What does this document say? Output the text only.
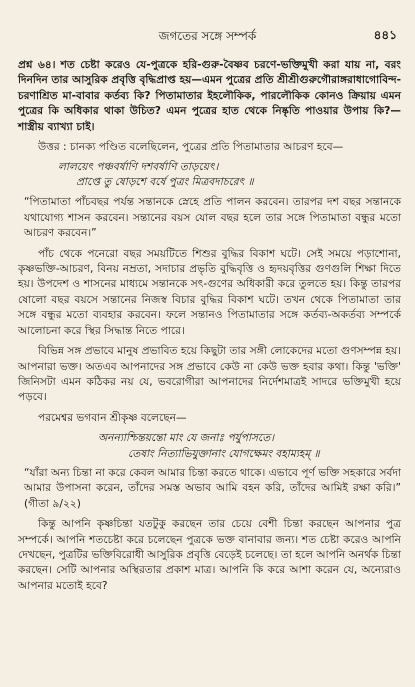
জগতের সঙ্গে সম্পর্ক	৪৪১

প্রশ্ন ৬৪। শত চেষ্টা করেও যে-পুত্রকে হরি-গুরু-বৈষ্ণব চরণে-ভক্তিমুখী করা যায় না, বরং দিনদিন তার আসুরিক প্রবৃত্তি বৃদ্ধিপ্রাপ্ত হয়—এমন পুত্রের প্রতি শ্রীশ্রীগুরুগৌরাঙ্গরাধাগোবিন্দ-চরণাশ্রিত মা-বাবার কর্তব্য কি? পিতামাতার ইহলৌকিক, পারলৌকিক কোনও ক্রিয়ায় এমন পুত্রের কি অধিকার থাকা উচিত? এমন পুত্রের হাত থেকে নিষ্কৃতি পাওয়ার উপায় কি?—শাস্ত্রীয় ব্যাখ্যা চাই।

উত্তর : চানক্য পণ্ডিত বলেছিলেন, পুত্রের প্রতি পিতামাতার আচরণ হবে—

লালয়েৎ পঞ্চবর্ষাণি দশবর্ষাণি তাড়য়েৎ।
প্রাপ্তে তু ষোড়শে বর্ষে পুত্রং মিত্রবদাচরেৎ ॥

“পিতামাতা পাঁচবছর পর্যন্ত সন্তানকে স্নেহে প্রতি পালন করবেন। তারপর দশ বছর সন্তানকে যথাযোগ্য শাসন করবেন। সন্তানের বয়স যোল বছর হলে তার সঙ্গে পিতামাতা বন্ধুর মতো আচরণ করবেন।”

পাঁচ থেকে পনেরো বছর সময়টিতে শিশুর বুদ্ধির বিকাশ ঘটে। সেই সময়ে পড়াশোনা, কৃষ্ণভক্তি-আচরণ, বিনয় নম্রতা, সদাচার প্রভৃতি বুদ্ধিবৃত্তি ও হৃদয়বৃত্তির গুণগুলি শিক্ষা দিতে হয়। উপদেশ ও শাসনের মাধ্যমে সন্তানকে সৎ-গুণের অধিকারী করে তুলতে হয়। কিন্তু তারপর ষোলো বছর বয়সে সন্তানের নিজস্ব বিচার বুদ্ধির বিকাশ ঘটে। তখন থেকে পিতামাতা তার সঙ্গে বন্ধুর মতো ব্যবহার করবেন। ফলে সন্তানও পিতামাতার সঙ্গে কর্তব্য-অকর্তব্য সম্পর্কে আলোচনা করে স্থির সিদ্ধান্ত নিতে পারে।

বিভিন্ন সঙ্গ প্রভাবে মানুষ প্রভাবিত হয়ে কিছুটা তার সঙ্গী লোকেদের মতো গুণসম্পন্ন হয়। আপনারা ভক্ত। অতএব আপনাদের সঙ্গ প্রভাবে কেউ না কেউ ভক্ত হবার কথা। কিন্তু 'ভক্তি' জিনিসটা এমন কঠিকর নয় যে, ভবরোগীরা আপনাদের নির্দেশমাত্রই সাদরে ভক্তিমুখী হয়ে পড়বে।

পরমেশ্বর ভগবান শ্রীকৃষ্ণ বলেছেন—

অনন্যাশ্চিন্তয়ন্তো মাং যে জনাঃ পর্যুপাসতে।
তেষাং নিত্যাভিযুক্তানাং যোগক্ষেমং বহাম্যহম্ ॥

“যাঁরা অন্য চিন্তা না করে কেবল আমার চিন্তা করতে থাকে। এভাবে পূর্ণ ভক্তি সহকারে সর্বদা আমার উপাসনা করেন, তাঁদের সমস্ত অভাব আমি বহন করি, তাঁদের আমিই রক্ষা করি।” (গীতা ৯/২২)

কিন্তু আপনি কৃষ্ণচিন্তা যতটুকু করছেন তার চেয়ে বেশী চিন্তা করছেন আপনার পুত্র সম্পর্কে। আপনি শতচেষ্টা করে চলেছেন পুত্রকে ভক্ত বানাবার জন্য। শত চেষ্টা করেও আপনি দেখছেন, পুত্রটির ভক্তিবিরোধী আসুরিক প্রবৃত্তি বেড়েই চলেছে। তা হলে আপনি অনর্থক চিন্তা করছেন। সেটি আপনার অস্থিরতার প্রকাশ মাত্র। আপনি কি করে আশা করেন যে, অন্যেরাও আপনার মতোই হবে?
